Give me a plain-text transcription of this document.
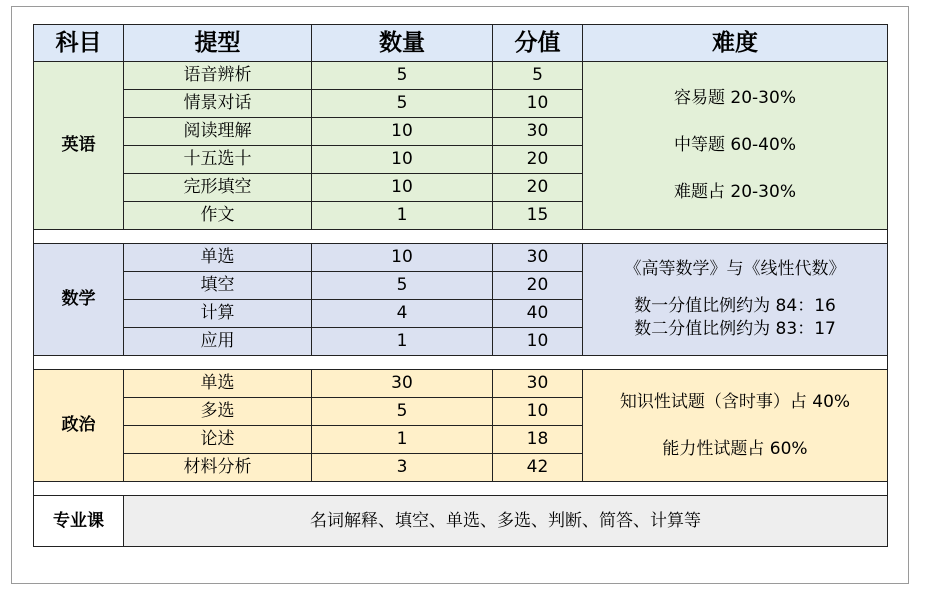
科目	提型	数量	分值	难度
英语	语音辨析	5	5	容易题 20-30%
中等题 60-40%
难题占 20-30%

	情景对话	5	10	
	阅读理解	10	30	
	十五选十	10	20	
	完形填空	10	20	
	作文	1	15	

数学	单选	10	30	《高等数学》与《线性代数》
数一分值比例约为 84：16
数二分值比例约为 83：17

	填空	5	20	
	计算	4	40	
	应用	1	10	

政治	单选	30	30	知识性试题（含时事）占 40%
能力性试题占 60%

	多选	5	10	
	论述	1	18	
	材料分析	3	42	

专业课	名词解释、填空、单选、多选、判断、简答、计算等			
